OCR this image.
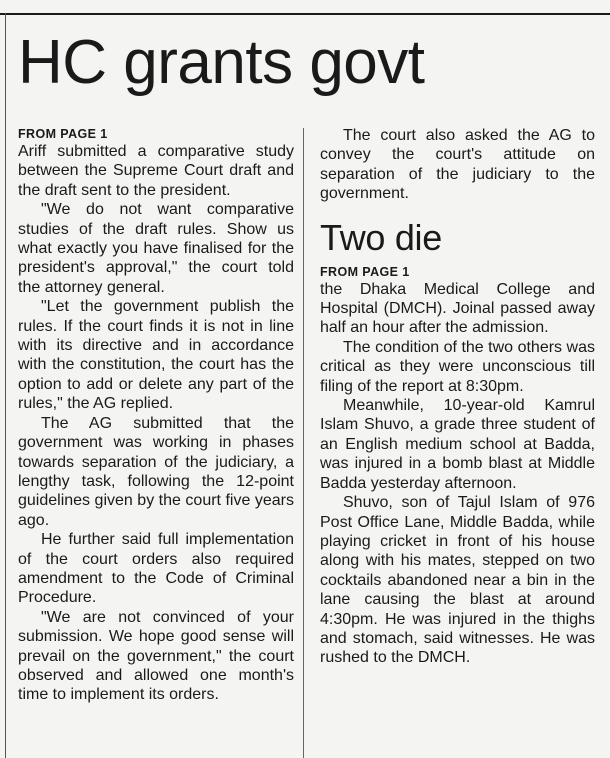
HC grants govt

FROM PAGE 1

Ariff submitted a comparative study between the Supreme Court draft and the draft sent to the president.

"We do not want comparative studies of the draft rules. Show us what exactly you have finalised for the president's approval," the court told the attorney general.

"Let the government publish the rules. If the court finds it is not in line with its directive and in accordance with the constitution, the court has the option to add or delete any part of the rules," the AG replied.

The AG submitted that the government was working in phases towards separation of the judiciary, a lengthy task, following the 12-point guidelines given by the court five years ago.

He further said full implementation of the court orders also required amendment to the Code of Criminal Procedure.

"We are not convinced of your submission. We hope good sense will prevail on the government," the court observed and allowed one month's time to implement its orders.

The court also asked the AG to convey the court's attitude on separation of the judiciary to the government.

Two die

FROM PAGE 1

the Dhaka Medical College and Hospital (DMCH). Joinal passed away half an hour after the admission.

The condition of the two others was critical as they were unconscious till filing of the report at 8:30pm.

Meanwhile, 10-year-old Kamrul Islam Shuvo, a grade three student of an English medium school at Badda, was injured in a bomb blast at Middle Badda yesterday afternoon.

Shuvo, son of Tajul Islam of 976 Post Office Lane, Middle Badda, while playing cricket in front of his house along with his mates, stepped on two cocktails abandoned near a bin in the lane causing the blast at around 4:30pm. He was injured in the thighs and stomach, said witnesses. He was rushed to the DMCH.
